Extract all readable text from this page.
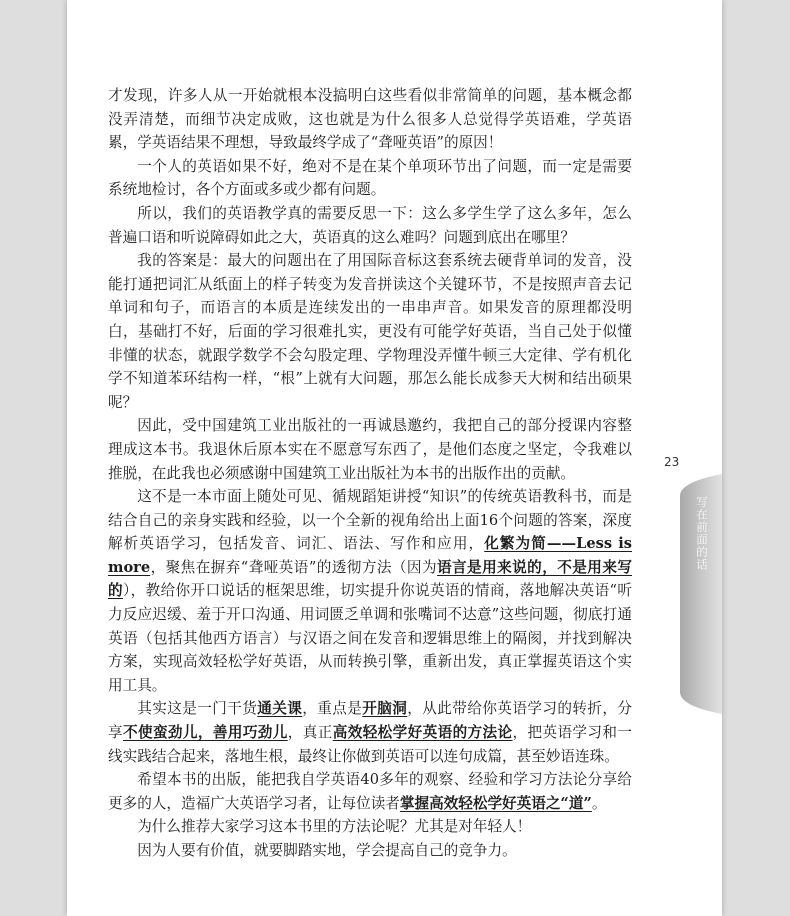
才发现，许多人从一开始就根本没搞明白这些看似非常简单的问题，基本概念都没弄清楚，而细节决定成败，这也就是为什么很多人总觉得学英语难，学英语累，学英语结果不理想，导致最终学成了“聋哑英语”的原因！

一个人的英语如果不好，绝对不是在某个单项环节出了问题，而一定是需要系统地检讨，各个方面或多或少都有问题。

所以，我们的英语教学真的需要反思一下：这么多学生学了这么多年，怎么普遍口语和听说障碍如此之大，英语真的这么难吗？问题到底出在哪里？

我的答案是：最大的问题出在了用国际音标这套系统去硬背单词的发音，没能打通把词汇从纸面上的样子转变为发音拼读这个关键环节，不是按照声音去记单词和句子，而语言的本质是连续发出的一串串声音。如果发音的原理都没明白，基础打不好，后面的学习很难扎实，更没有可能学好英语，当自己处于似懂非懂的状态，就跟学数学不会勾股定理、学物理没弄懂牛顿三大定律、学有机化学不知道苯环结构一样，“根”上就有大问题，那怎么能长成参天大树和结出硕果呢？

因此，受中国建筑工业出版社的一再诚恳邀约，我把自己的部分授课内容整理成这本书。我退休后原本实在不愿意写东西了，是他们态度之坚定，令我难以推脱，在此我也必须感谢中国建筑工业出版社为本书的出版作出的贡献。

这不是一本市面上随处可见、循规蹈矩讲授“知识”的传统英语教科书，而是结合自己的亲身实践和经验，以一个全新的视角给出上面16个问题的答案，深度解析英语学习，包括发音、词汇、语法、写作和应用，化繁为简——Less is more，聚焦在摒弃“聋哑英语”的透彻方法（因为语言是用来说的，不是用来写的），教给你开口说话的框架思维，切实提升你说英语的情商，落地解决英语“听力反应迟缓、羞于开口沟通、用词匮乏单调和张嘴词不达意”这些问题，彻底打通英语（包括其他西方语言）与汉语之间在发音和逻辑思维上的隔阂，并找到解决方案，实现高效轻松学好英语，从而转换引擎，重新出发，真正掌握英语这个实用工具。

其实这是一门干货通关课，重点是开脑洞，从此带给你英语学习的转折，分享不使蛮劲儿，善用巧劲儿，真正高效轻松学好英语的方法论，把英语学习和一线实践结合起来，落地生根，最终让你做到英语可以连句成篇，甚至妙语连珠。

希望本书的出版，能把我自学英语40多年的观察、经验和学习方法论分享给更多的人，造福广大英语学习者，让每位读者掌握高效轻松学好英语之“道”。

为什么推荐大家学习这本书里的方法论呢？尤其是对年轻人！

因为人要有价值，就要脚踏实地，学会提高自己的竞争力。

23
写在前面的话
